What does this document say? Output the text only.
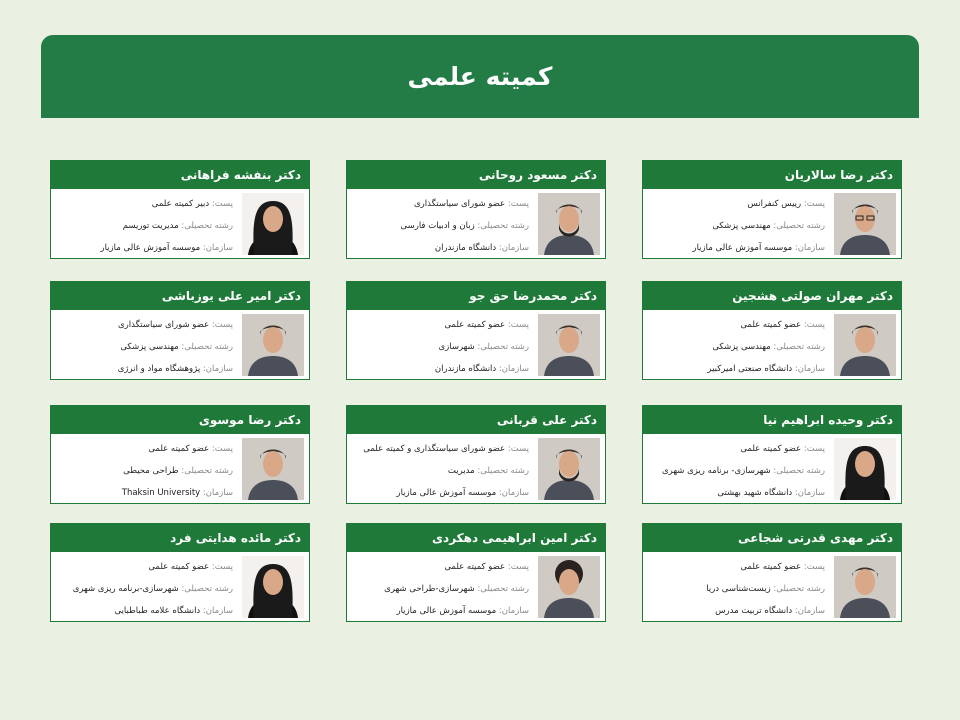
کمیته علمی
دکتر رضا سالاریان
پست: رییس کنفرانس
رشته تحصیلی: مهندسی پزشکی
سازمان: موسسه آموزش عالی مازیار
دکتر مسعود روحانی
پست: عضو شورای سیاستگذاری
رشته تحصیلی: زبان و ادبیات فارسی
سازمان: دانشگاه مازندران
دکتر بنفشه فراهانی
پست: دبیر کمیته علمی
رشته تحصیلی: مدیریت توریسم
سازمان: موسسه آموزش عالی مازیار
دکتر مهران صولتی هشجین
پست: عضو کمیته علمی
رشته تحصیلی: مهندسی پزشکی
سازمان: دانشگاه صنعتی امیرکبیر
دکتر محمدرضا حق جو
پست: عضو کمیته علمی
رشته تحصیلی: شهرسازی
سازمان: دانشگاه مازندران
دکتر امیر علی یوزباشی
پست: عضو شورای سیاستگذاری
رشته تحصیلی: مهندسی پزشکی
سازمان: پژوهشگاه مواد و انرژی
دکتر وحیده ابراهیم نیا
پست: عضو کمیته علمی
رشته تحصیلی: شهرسازی- برنامه ریزی شهری
سازمان: دانشگاه شهید بهشتی
دکتر علی قربانی
پست: عضو شورای سیاستگذاری و کمیته علمی
رشته تحصیلی: مدیریت
سازمان: موسسه آموزش عالی مازیار
دکتر رضا موسوی
پست: عضو کمیته علمی
رشته تحصیلی: طراحی محیطی
سازمان: Thaksin University
دکتر مهدی قدرتی شجاعی
پست: عضو کمیته علمی
رشته تحصیلی: زیست‌شناسی دریا
سازمان: دانشگاه تربیت مدرس
دکتر امین ابراهیمی دهکردی
پست: عضو کمیته علمی
رشته تحصیلی: شهرسازی-طراحی شهری
سازمان: موسسه آموزش عالی مازیار
دکتر مائده هدایتی فرد
پست: عضو کمیته علمی
رشته تحصیلی: شهرسازی-برنامه ریزی شهری
سازمان: دانشگاه علامه طباطبایی
